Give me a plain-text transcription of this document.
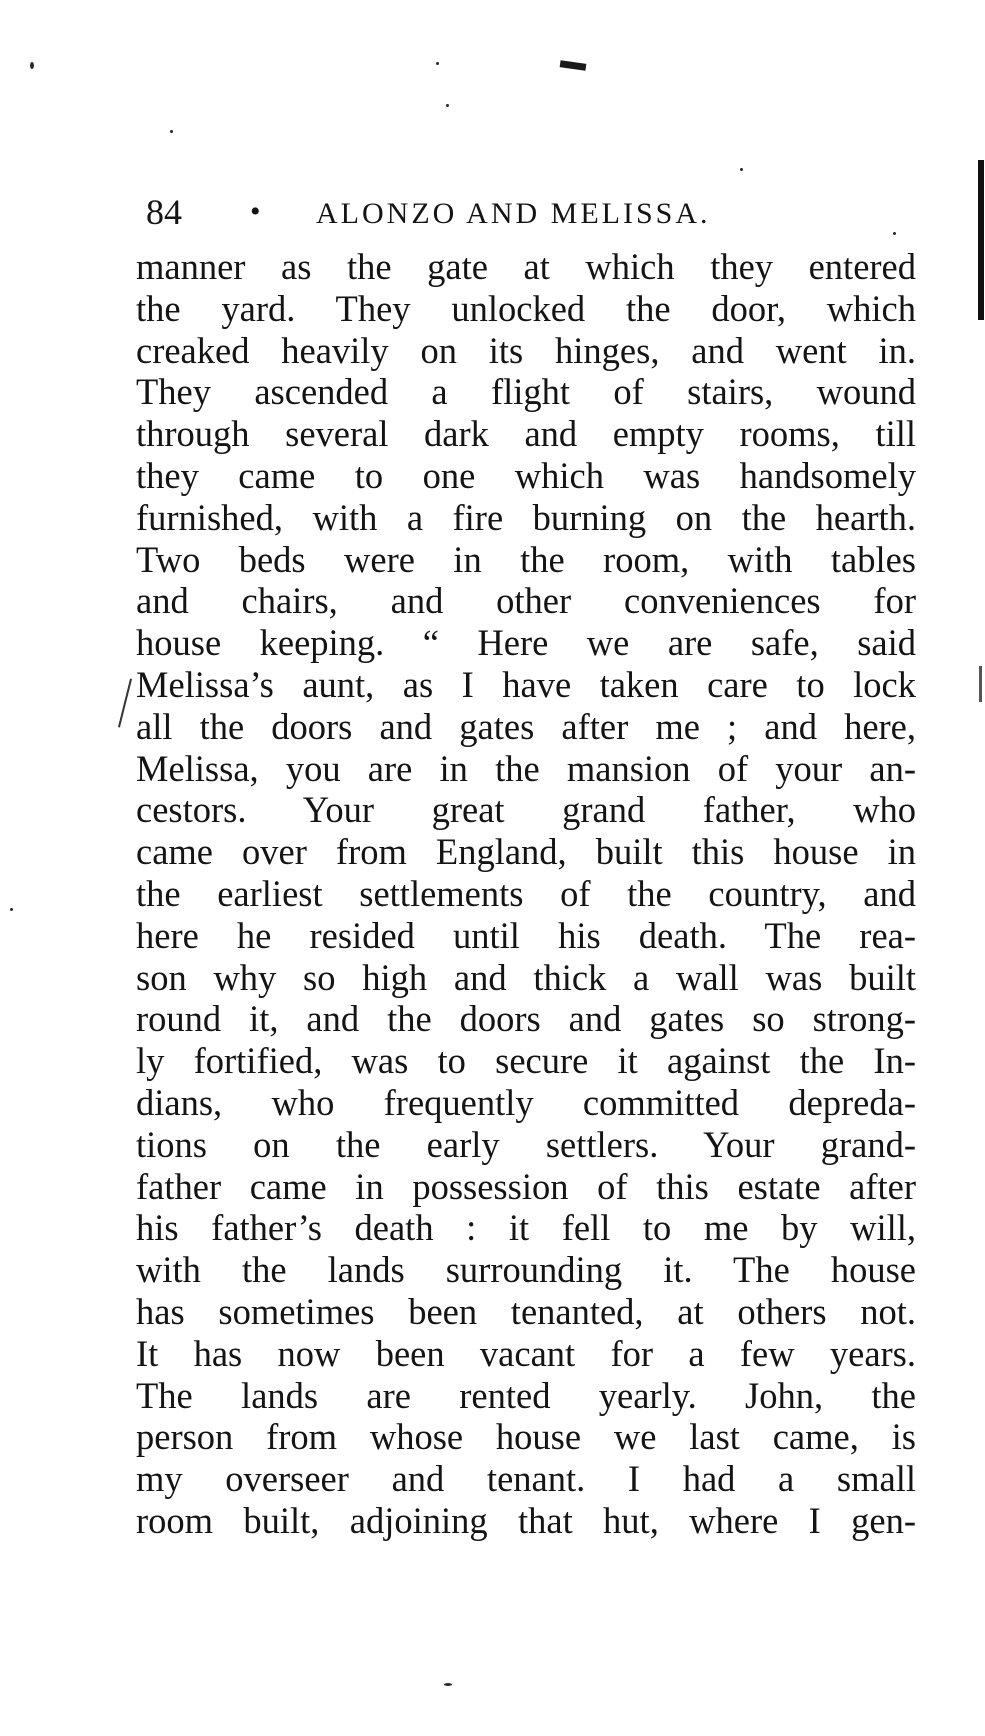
84 • ALONZO AND MELISSA.
manner as the gate at which they entered
the yard. They unlocked the door, which
creaked heavily on its hinges, and went in.
They ascended a flight of stairs, wound
through several dark and empty rooms, till
they came to one which was handsomely
furnished, with a fire burning on the hearth.
Two beds were in the room, with tables
and chairs, and other conveniences for
house keeping. “ Here we are safe, said
Melissa’s aunt, as I have taken care to lock
all the doors and gates after me ; and here,
Melissa, you are in the mansion of your an-
cestors. Your great grand father, who
came over from England, built this house in
the earliest settlements of the country, and
here he resided until his death. The rea-
son why so high and thick a wall was built
round it, and the doors and gates so strong-
ly fortified, was to secure it against the In-
dians, who frequently committed depreda-
tions on the early settlers. Your grand-
father came in possession of this estate after
his father’s death : it fell to me by will,
with the lands surrounding it. The house
has sometimes been tenanted, at others not.
It has now been vacant for a few years.
The lands are rented yearly. John, the
person from whose house we last came, is
my overseer and tenant. I had a small
room built, adjoining that hut, where I gen-
